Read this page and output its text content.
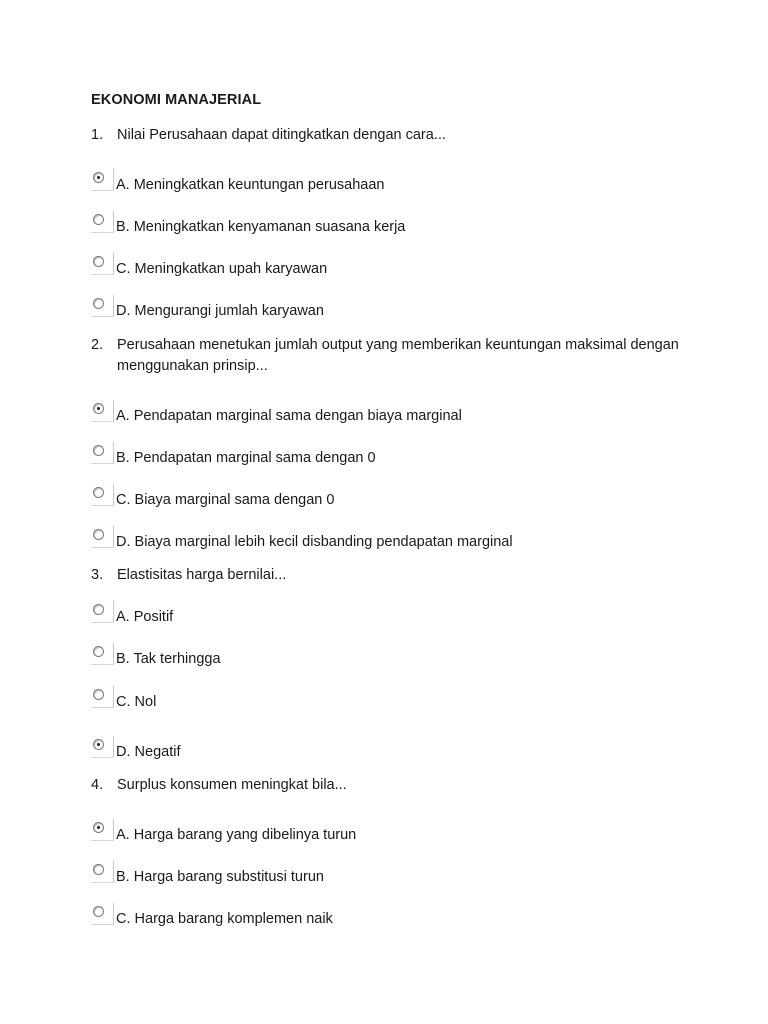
EKONOMI MANAJERIAL
1. Nilai Perusahaan dapat ditingkatkan dengan cara...
A. Meningkatkan keuntungan perusahaan
B. Meningkatkan kenyamanan suasana kerja
C. Meningkatkan upah karyawan
D. Mengurangi jumlah karyawan
2. Perusahaan menetukan jumlah output yang memberikan keuntungan maksimal dengan menggunakan prinsip...
A. Pendapatan marginal sama dengan biaya marginal
B. Pendapatan marginal sama dengan 0
C. Biaya marginal sama dengan 0
D. Biaya marginal lebih kecil disbanding pendapatan marginal
3. Elastisitas harga bernilai...
A. Positif
B. Tak terhingga
C. Nol
D. Negatif
4. Surplus konsumen meningkat bila...
A. Harga barang yang dibelinya turun
B. Harga barang substitusi turun
C. Harga barang komplemen naik
